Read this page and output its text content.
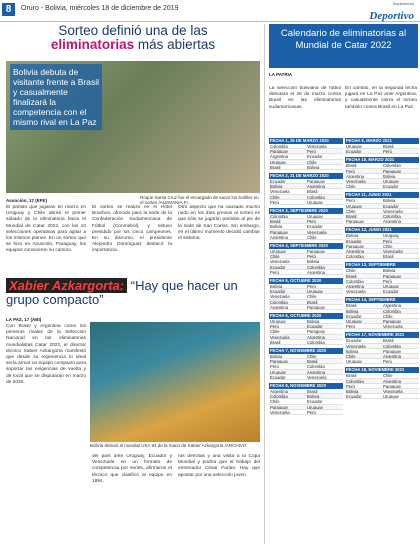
8	Oruro - Bolivia, miércoles 18 de diciembre de 2019
Suplemento
Deportivo
Sorteo definió una de las
eliminatorias más abiertas
Bolivia debuta de visitante frente a Brasil y casualmente finalizará la competencia con el mismo rival en La Paz
Roque Santa Cruz fue el encargado de sacar los bolillos en el sorteo /ALEMANIA.FI
Asunción, 17 (EFE)
El partido que jugarán en marzo en Uruguay y Chile abrirá el primer sábado de la eliminatoria hacia el Mundial de Catar 2022, con las 10 selecciones operativas para agitar a los mismos planes. En un sorteo que se hizo en Asunción, Paraguay, los equipos conocieron su camino.
El sorteo se realizó en el Hotel Bourbon, ofrecido para la sede de la Confederación Sudamericana de Fútbol (Conmebol), y estuvo presidido por los cinco campeones. En su discurso, el presidente Alejandro Domínguez destacó la importancia.
Otro aspecto que ha causado mucho ruido en los días previos al sorteo es que sólo se jugarán partidos al pie de la sede de San Carlos. Sin embargo, en el último momento decidió cambiar el sistema.
Xabier Azkargorta: “Hay que hacer un grupo compacto”
LA PAZ, 17 (ABI)
Con Brasil y Argentina como los primeros rivales de la Selección Nacional en las eliminatorias mundialistas Catar 2022, el director técnico Xabier Azkargorta manifestó que desde su experiencia lo ideal sería armar un equipo compacto para soportar las exigencias de vuelta y de local que se disputarán en marzo de 2020.
Bolivia debutó al mundial USA 94 de la mano de Xabier Azkargorta /ARCHIVO
del país ante Uruguay, Ecuador y Venezuela en un formato de competencia por series, afirmaron el técnico que clasificó al equipo en 1994.
ras derrotas y una visita a la Copa Mundial y podría que el trabajo del entrenador César Farías. Hay que apostar por una selección joven.
Calendario de eliminatorias al Mundial de Catar 2022
LA PATRIA
La selección boliviana de fútbol debutará el 26 de marzo contra Brasil en las eliminatorias sudamericanas.
En cambio, en la segunda fecha jugará en La Paz ante Argentina, y casualmente cierra el torneo también contra Brasil en La Paz.
FECHA 1, 26 DE MARZO 2020
Colombia	Venezuela
Paraguay	Perú
Argentina	Ecuador
Uruguay	Chile
Brasil	Bolivia
FECHA 2, 31 DE MARZO 2020
Ecuador	Paraguay
Bolivia	Argentina
Venezuela	Brasil
Chile	Colombia
Perú	Uruguay
FECHA 3, SEPTIEMBRE 2020
Colombia	Uruguay
Brasil	Perú
Bolivia	Ecuador
Paraguay	Venezuela
Argentina	Chile
FECHA 4, SEPTIEMBRE 2020
Uruguay	Paraguay
Chile	Perú
Venezuela	Bolivia
Ecuador	Colombia
Perú	Argentina
FECHA 5, OCTUBRE 2020
Bolivia	Perú
Ecuador	Uruguay
Venezuela	Chile
Colombia	Brasil
Argentina	Paraguay
FECHA 6, OCTUBRE 2020
Uruguay	Bolivia
Perú	Ecuador
Chile	Paraguay
Venezuela	Argentina
Brasil	Colombia
FECHA 7, NOVIEMBRE 2020
Bolivia	Chile
Paraguay	Brasil
Perú	Colombia
Uruguay	Argentina
Ecuador	Venezuela
FECHA 8, NOVIEMBRE 2020
Argentina	Brasil
Colombia	Bolivia
Chile	Ecuador
Paraguay	Uruguay
Venezuela	Perú
FECHA 9, MARZO 2021
Uruguay	Brasil
Ecuador	Perú
FECHA 10, MARZO 2021
Brasil	Colombia
Perú	Paraguay
Argentina	Bolivia
Venezuela	Uruguay
Chile	Ecuador
FECHA 11, JUNIO 2021
Perú	Bolivia
Uruguay	Ecuador
Chile	Venezuela
Brasil	Colombia
Paraguay	Argentina
FECHA 12, JUNIO 2021
Bolivia	Uruguay
Ecuador	Perú
Paraguay	Chile
Argentina	Venezuela
Colombia	Brasil
FECHA 13, SEPTIEMBRE
Chile	Bolivia
Brasil	Paraguay
Colombia	Perú
Argentina	Uruguay
Venezuela	Ecuador
FECHA 14, SEPTIEMBRE
Brasil	Argentina
Bolivia	Colombia
Ecuador	Chile
Uruguay	Paraguay
Perú	Venezuela
FECHA 17, NOVIEMBRE 2021
Ecuador	Brasil
Venezuela	Colombia
Bolivia	Paraguay
Chile	Argentina
Uruguay	Perú
FECHA 18, NOVIEMBRE 2021
Brasil	Chile
Colombia	Argentina
Perú	Paraguay
Bolivia	Venezuela
Ecuador	Uruguay
